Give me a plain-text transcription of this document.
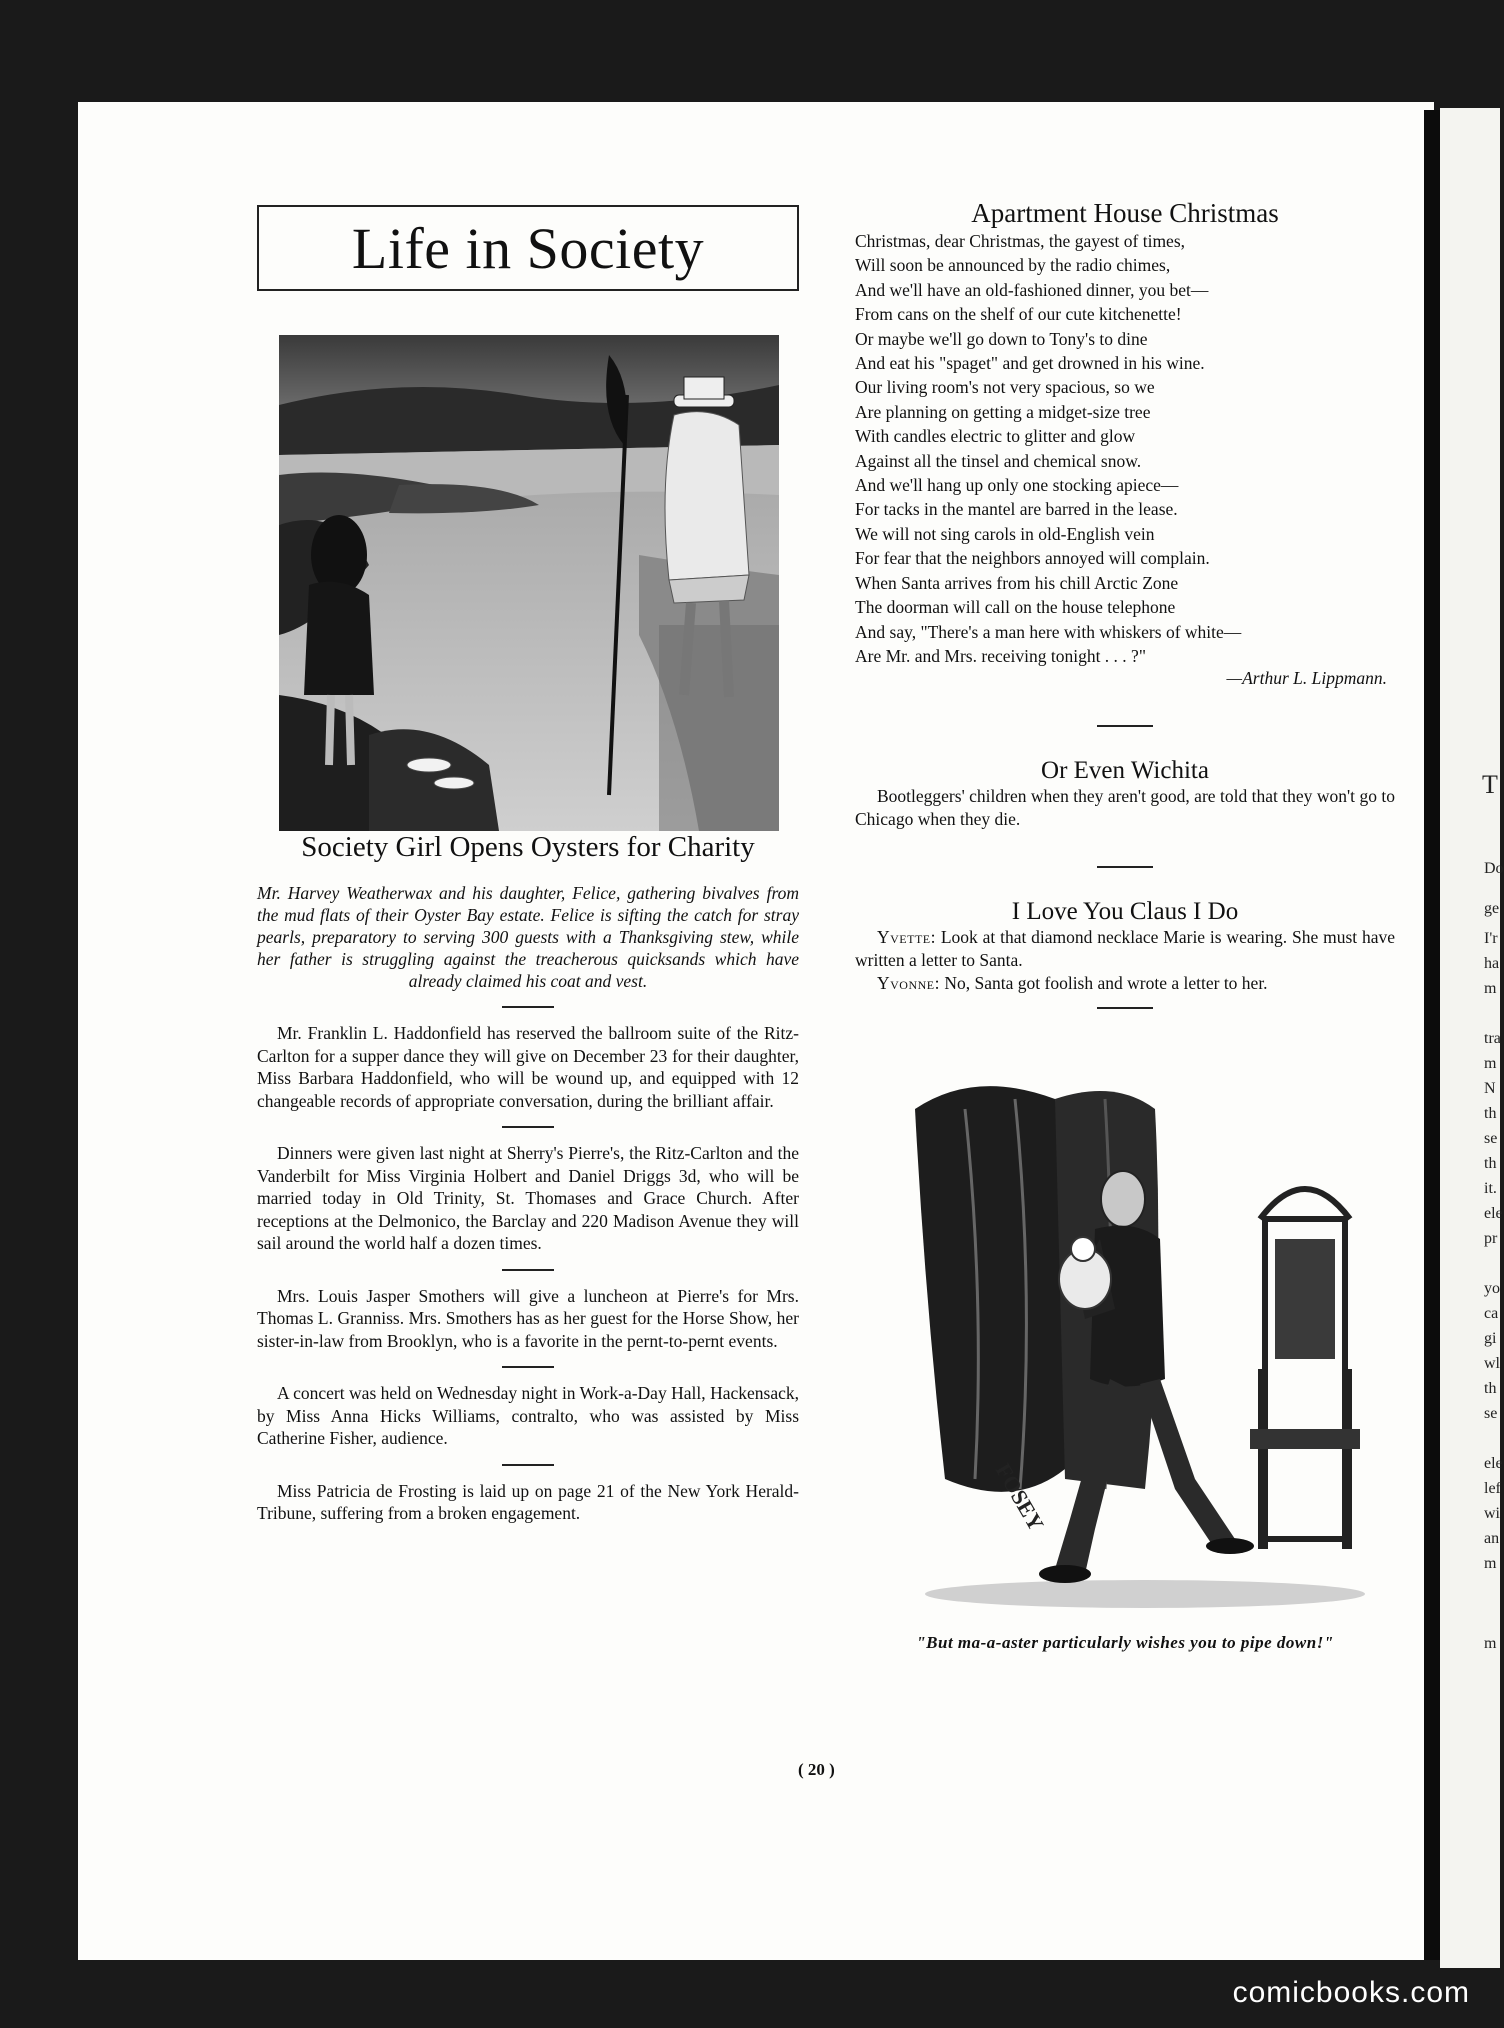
T
Do
ge
I'r
ha
m
tra
m
N
th
se
th
it.
ele
pr
yo
ca
gi
wl
th
se
ele
lef
wi
an
m
m
Life in Society
Society Girl Opens Oysters for Charity

Mr. Harvey Weatherwax and his daughter, Felice, gathering bivalves from the mud flats of their Oyster Bay estate. Felice is sifting the catch for stray pearls, preparatory to serving 300 guests with a Thanksgiving stew, while her father is struggling against the treacherous quicksands which have already claimed his coat and vest.

Mr. Franklin L. Haddonfield has reserved the ballroom suite of the Ritz-Carlton for a supper dance they will give on December 23 for their daughter, Miss Barbara Haddonfield, who will be wound up, and equipped with 12 changeable records of appropriate conversation, during the brilliant affair.

Dinners were given last night at Sherry's Pierre's, the Ritz-Carlton and the Vanderbilt for Miss Virginia Holbert and Daniel Driggs 3d, who will be married today in Old Trinity, St. Thomases and Grace Church. After receptions at the Delmonico, the Barclay and 220 Madison Avenue they will sail around the world half a dozen times.

Mrs. Louis Jasper Smothers will give a luncheon at Pierre's for Mrs. Thomas L. Granniss. Mrs. Smothers has as her guest for the Horse Show, her sister-in-law from Brooklyn, who is a favorite in the pernt-to-pernt events.

A concert was held on Wednesday night in Work-a-Day Hall, Hackensack, by Miss Anna Hicks Williams, contralto, who was assisted by Miss Catherine Fisher, audience.

Miss Patricia de Frosting is laid up on page 21 of the New York Herald-Tribune, suffering from a broken engagement.

Apartment House Christmas
Christmas, dear Christmas, the gayest of times,
Will soon be announced by the radio chimes,
And we'll have an old-fashioned dinner, you bet—
From cans on the shelf of our cute kitchenette!
Or maybe we'll go down to Tony's to dine
And eat his "spaget" and get drowned in his wine.
Our living room's not very spacious, so we
Are planning on getting a midget-size tree
With candles electric to glitter and glow
Against all the tinsel and chemical snow.
And we'll hang up only one stocking apiece—
For tacks in the mantel are barred in the lease.
We will not sing carols in old-English vein
For fear that the neighbors annoyed will complain.
When Santa arrives from his chill Arctic Zone
The doorman will call on the house telephone
And say, "There's a man here with whiskers of white—
Are Mr. and Mrs. receiving tonight . . . ?"
—Arthur L. Lippmann.
Or Even Wichita

Bootleggers' children when they aren't good, are told that they won't go to Chicago when they die.

I Love You Claus I Do
Yvette: Look at that diamond necklace Marie is wearing. She must have written a letter to Santa.
Yvonne: No, Santa got foolish and wrote a letter to her.
FOSEY
"But ma-a-aster particularly wishes you to pipe down!"
( 20 )
comicbooks.com
